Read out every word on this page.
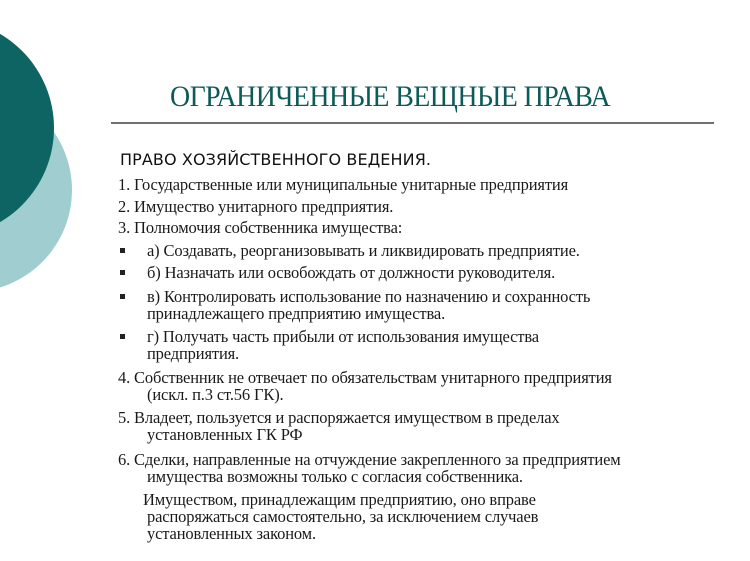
ОГРАНИЧЕННЫЕ ВЕЩНЫЕ ПРАВА
ПРАВО ХОЗЯЙСТВЕННОГО ВЕДЕНИЯ.
1. Государственные или муниципальные унитарные предприятия
2. Имущество унитарного предприятия.
3. Полномочия собственника имущества:
а) Создавать, реорганизовывать и ликвидировать предприятие.
б) Назначать или освобождать от должности руководителя.
в) Контролировать использование по назначению и сохранность
принадлежащего предприятию имущества.
г) Получать часть прибыли от использования имущества
предприятия.
4. Собственник не отвечает по обязательствам унитарного предприятия
(искл. п.3 ст.56 ГК).
5. Владеет, пользуется и распоряжается имуществом в пределах
установленных ГК РФ
6. Сделки, направленные на отчуждение закрепленного за предприятием
имущества возможны только с согласия собственника.
Имуществом, принадлежащим предприятию, оно вправе
распоряжаться самостоятельно, за исключением случаев
установленных законом.
